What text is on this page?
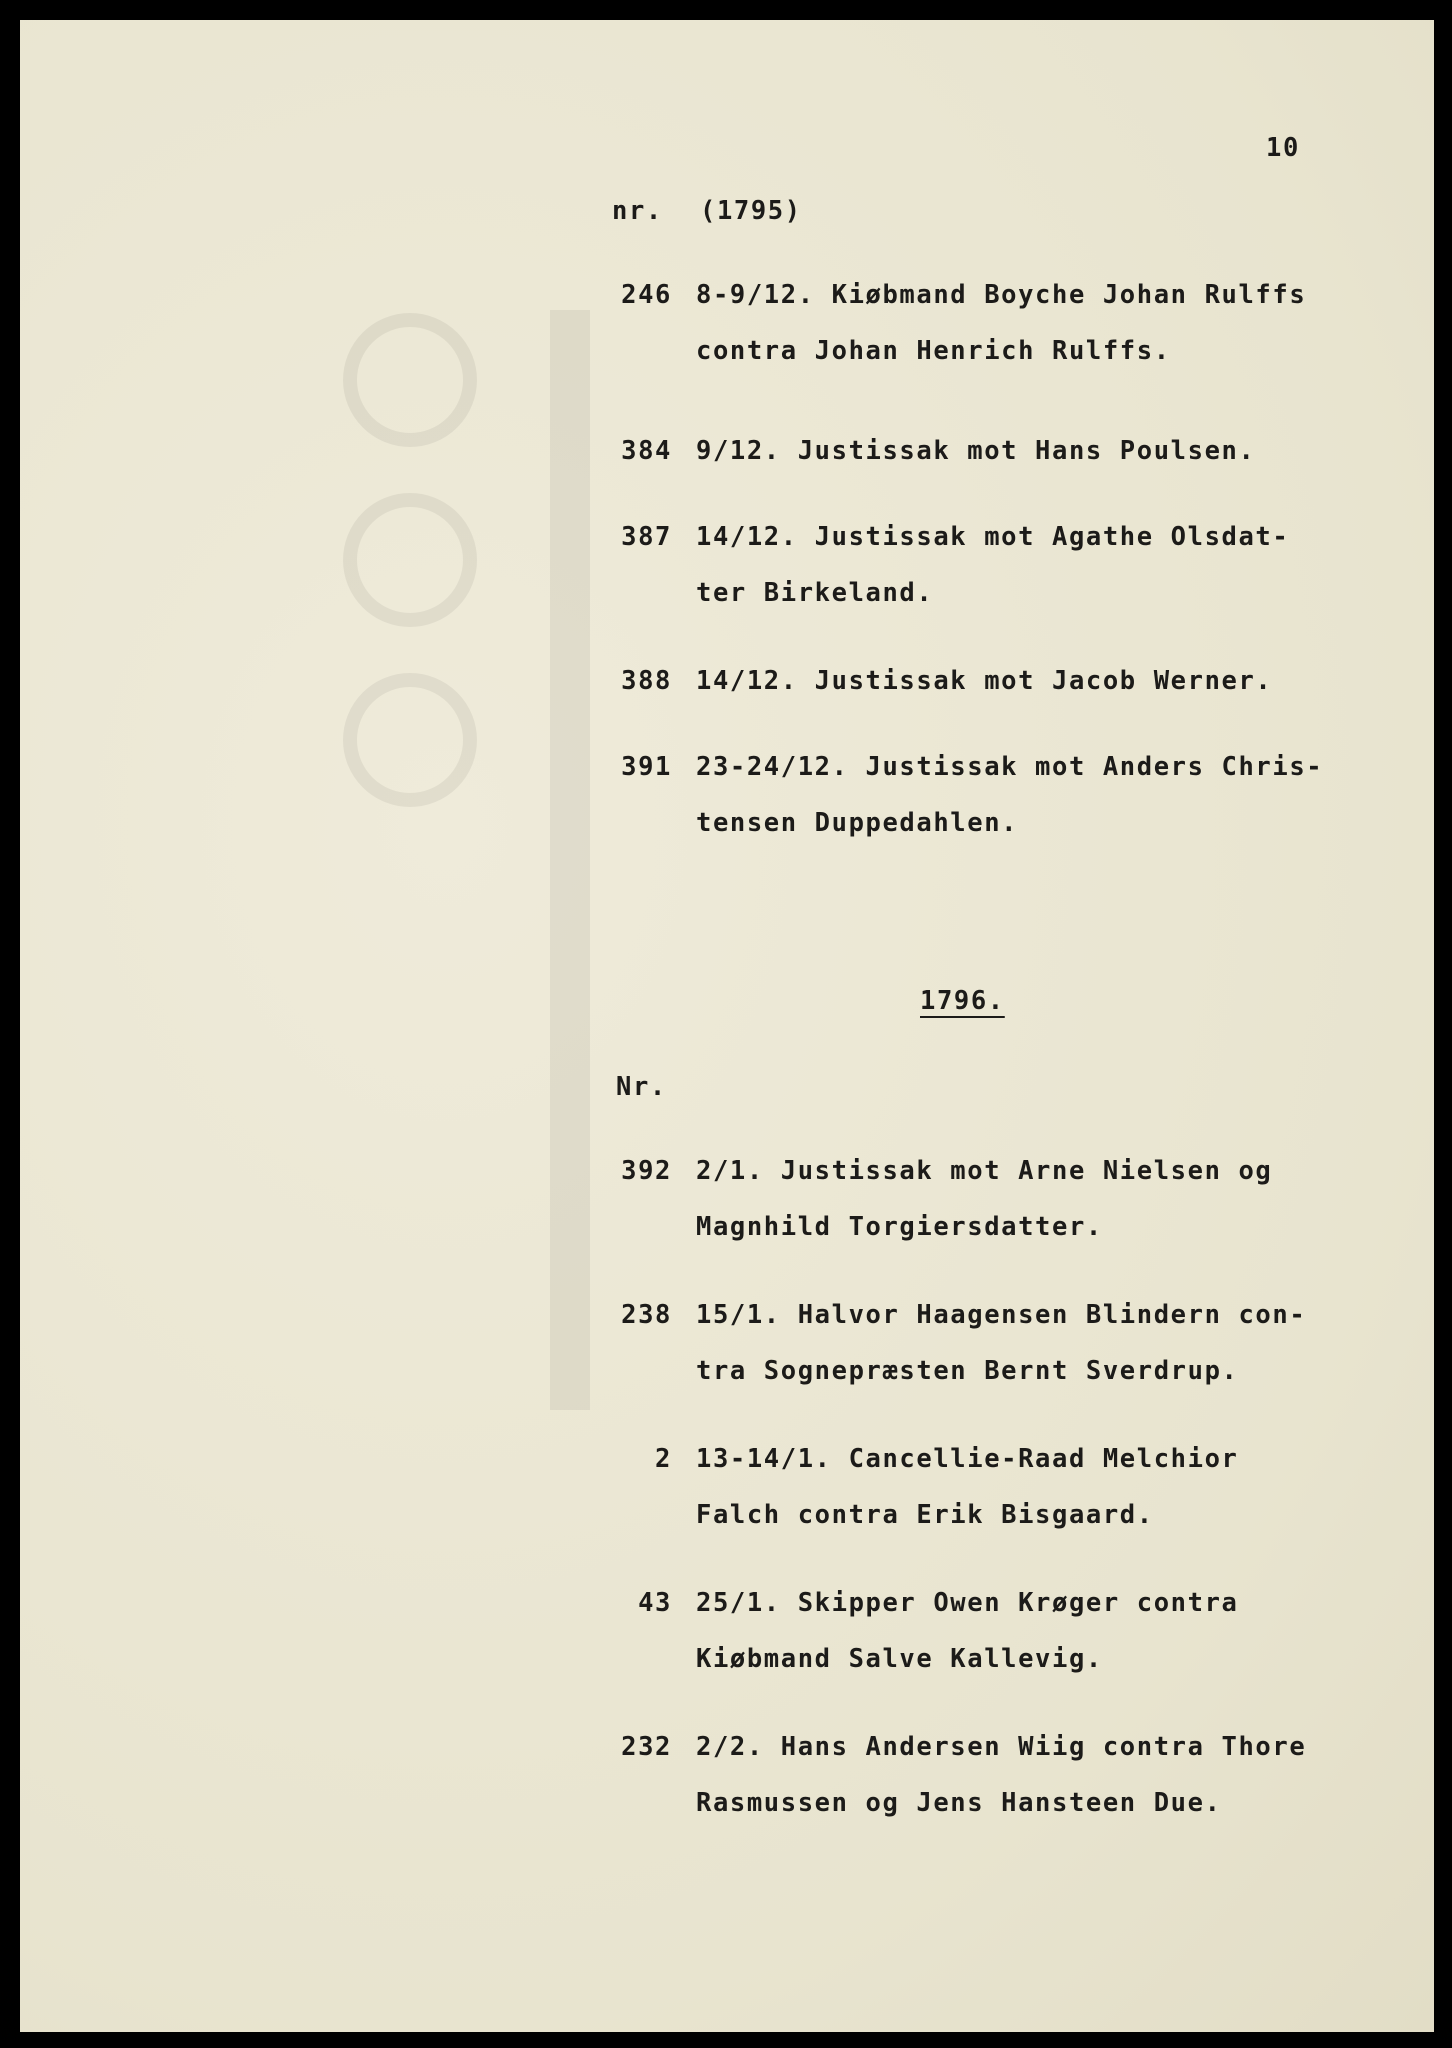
10
nr. (1795)
246 8-9/12. Kiøbmand Boyche Johan Rulffs
contra Johan Henrich Rulffs.
384 9/12. Justissak mot Hans Poulsen.
387 14/12. Justissak mot Agathe Olsdat-
ter Birkeland.
388 14/12. Justissak mot Jacob Werner.
391 23-24/12. Justissak mot Anders Chris-
tensen Duppedahlen.
1796.
Nr.
392 2/1. Justissak mot Arne Nielsen og
Magnhild Torgiersdatter.
238 15/1. Halvor Haagensen Blindern con-
tra Sognepræsten Bernt Sverdrup.
2 13-14/1. Cancellie-Raad Melchior
Falch contra Erik Bisgaard.
43 25/1. Skipper Owen Krøger contra
Kiøbmand Salve Kallevig.
232 2/2. Hans Andersen Wiig contra Thore
Rasmussen og Jens Hansteen Due.
